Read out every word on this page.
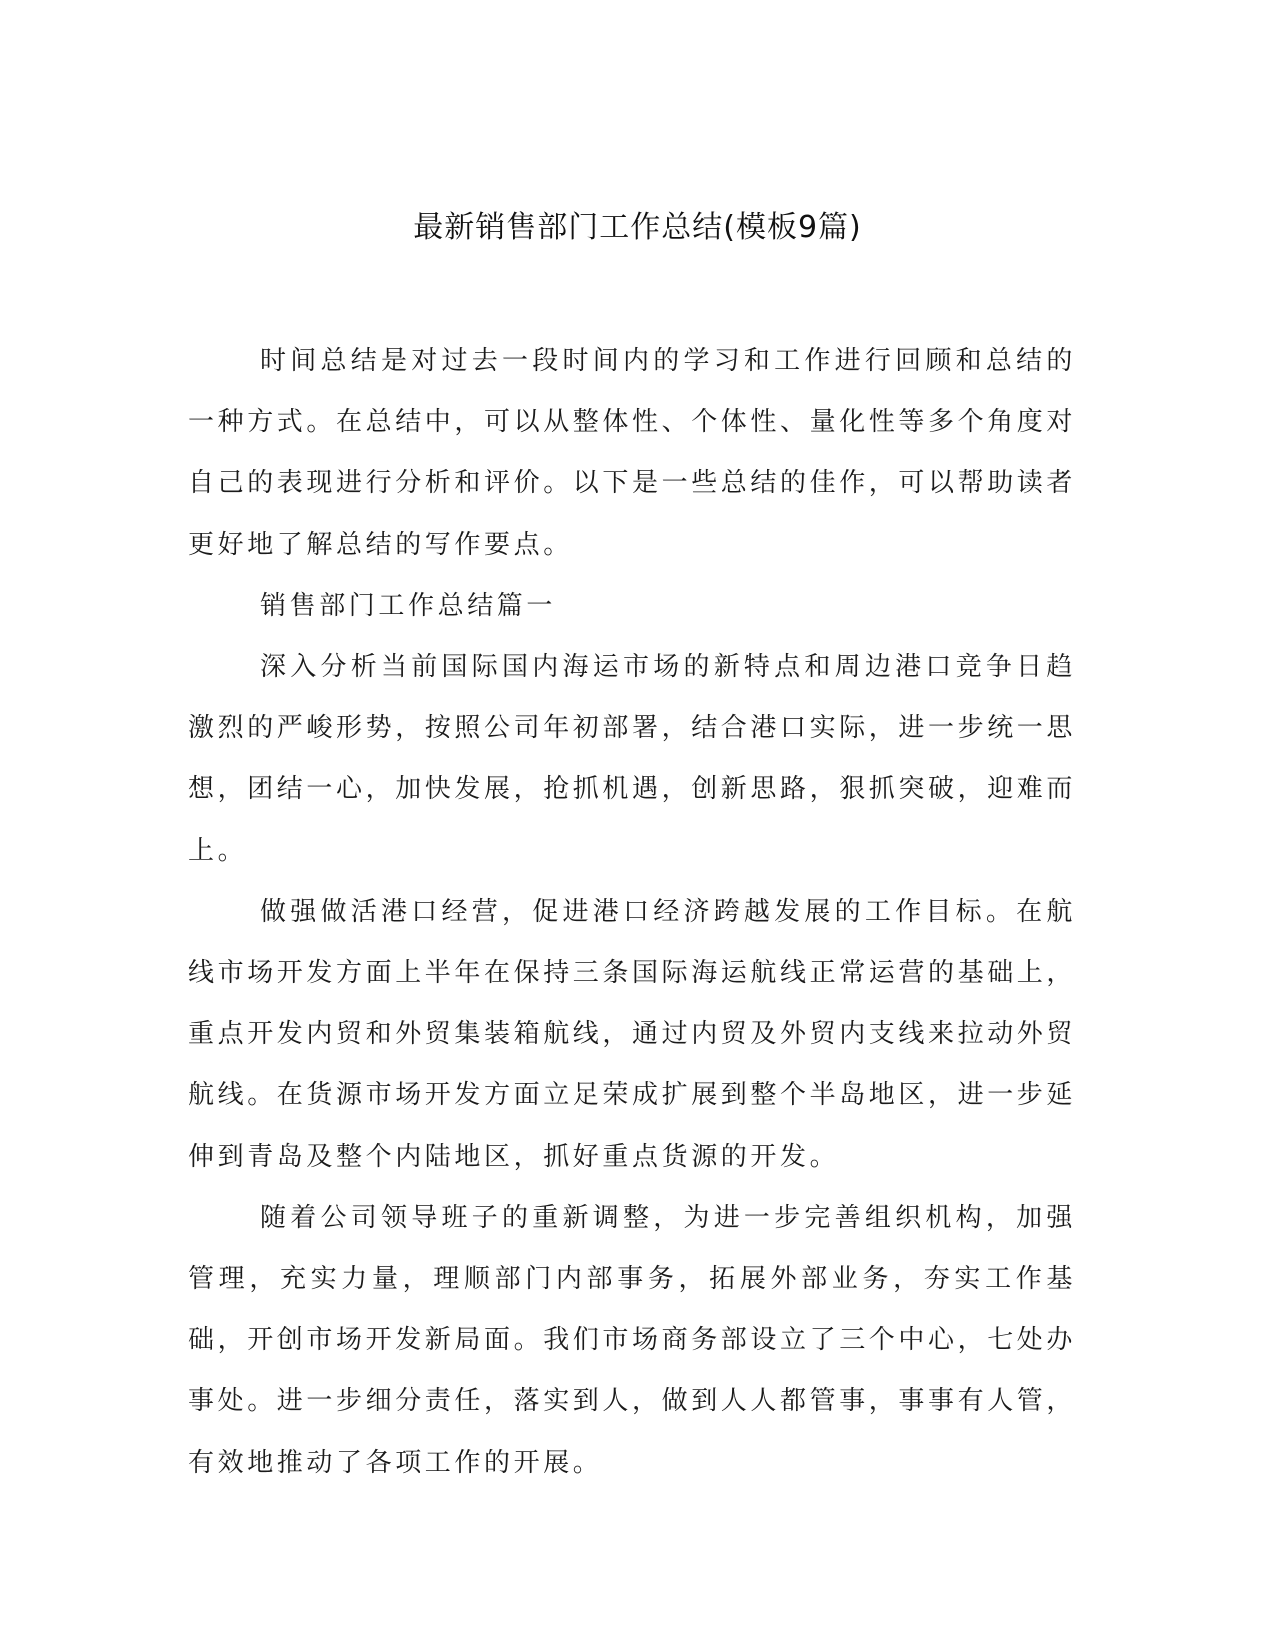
最新销售部门工作总结(模板9篇)

时间总结是对过去一段时间内的学习和工作进行回顾和总结的一种方式。在总结中，可以从整体性、个体性、量化性等多个角度对自己的表现进行分析和评价。以下是一些总结的佳作，可以帮助读者更好地了解总结的写作要点。

销售部门工作总结篇一

深入分析当前国际国内海运市场的新特点和周边港口竞争日趋激烈的严峻形势，按照公司年初部署，结合港口实际，进一步统一思想，团结一心，加快发展，抢抓机遇，创新思路，狠抓突破，迎难而上。

做强做活港口经营，促进港口经济跨越发展的工作目标。在航线市场开发方面上半年在保持三条国际海运航线正常运营的基础上，重点开发内贸和外贸集装箱航线，通过内贸及外贸内支线来拉动外贸航线。在货源市场开发方面立足荣成扩展到整个半岛地区，进一步延伸到青岛及整个内陆地区，抓好重点货源的开发。

随着公司领导班子的重新调整，为进一步完善组织机构，加强管理，充实力量，理顺部门内部事务，拓展外部业务，夯实工作基础，开创市场开发新局面。我们市场商务部设立了三个中心，七处办事处。进一步细分责任，落实到人，做到人人都管事，事事有人管，有效地推动了各项工作的开展。
